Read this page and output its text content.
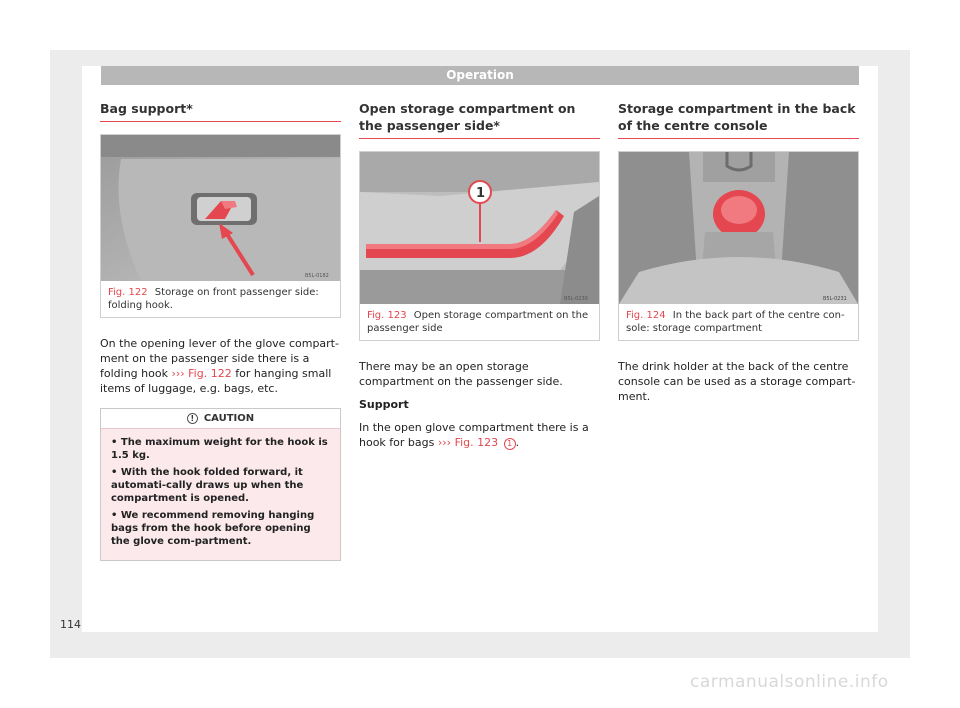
Operation
Bag support*
B5L-0182
Fig. 122 Storage on front passenger side: folding hook.

On the opening lever of the glove compart-ment on the passenger side there is a folding hook ››› Fig. 122 for hanging small items of luggage, e.g. bags, etc.

! CAUTION
• The maximum weight for the hook is 1.5 kg.
• With the hook folded forward, it automati-cally draws up when the compartment is opened.
• We recommend removing hanging bags from the hook before opening the glove com-partment.
Open storage compartment on the passenger side*
1
B5L-0230
Fig. 123 Open storage compartment on the passenger side

There may be an open storage compartment on the passenger side.

Support

In the open glove compartment there is a hook for bags ››› Fig. 123 1 .

Storage compartment in the back of the centre console
B5L-0231
Fig. 124 In the back part of the centre con-sole: storage compartment

The drink holder at the back of the centre console can be used as a storage compart-ment.

114
carmanualsonline.info
